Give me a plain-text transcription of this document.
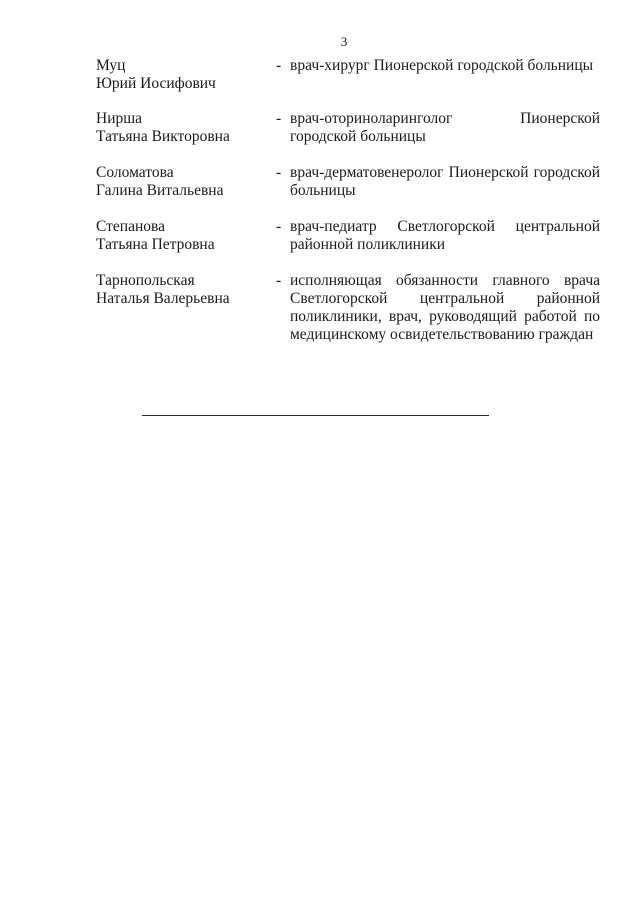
3
Муц
Юрий Иосифович
- врач-хирург Пионерской городской больницы
Нирша
Татьяна Викторовна
- врач-оториноларинголог Пионерской городской больницы
Соломатова
Галина Витальевна
- врач-дерматовенеролог Пионерской городской больницы
Степанова
Татьяна Петровна
- врач-педиатр Светлогорской центральной районной поликлиники
Тарнопольская
Наталья Валерьевна
- исполняющая обязанности главного врача Светлогорской центральной районной поликлиники, врач, руководящий работой по медицинскому освидетельствованию граждан
